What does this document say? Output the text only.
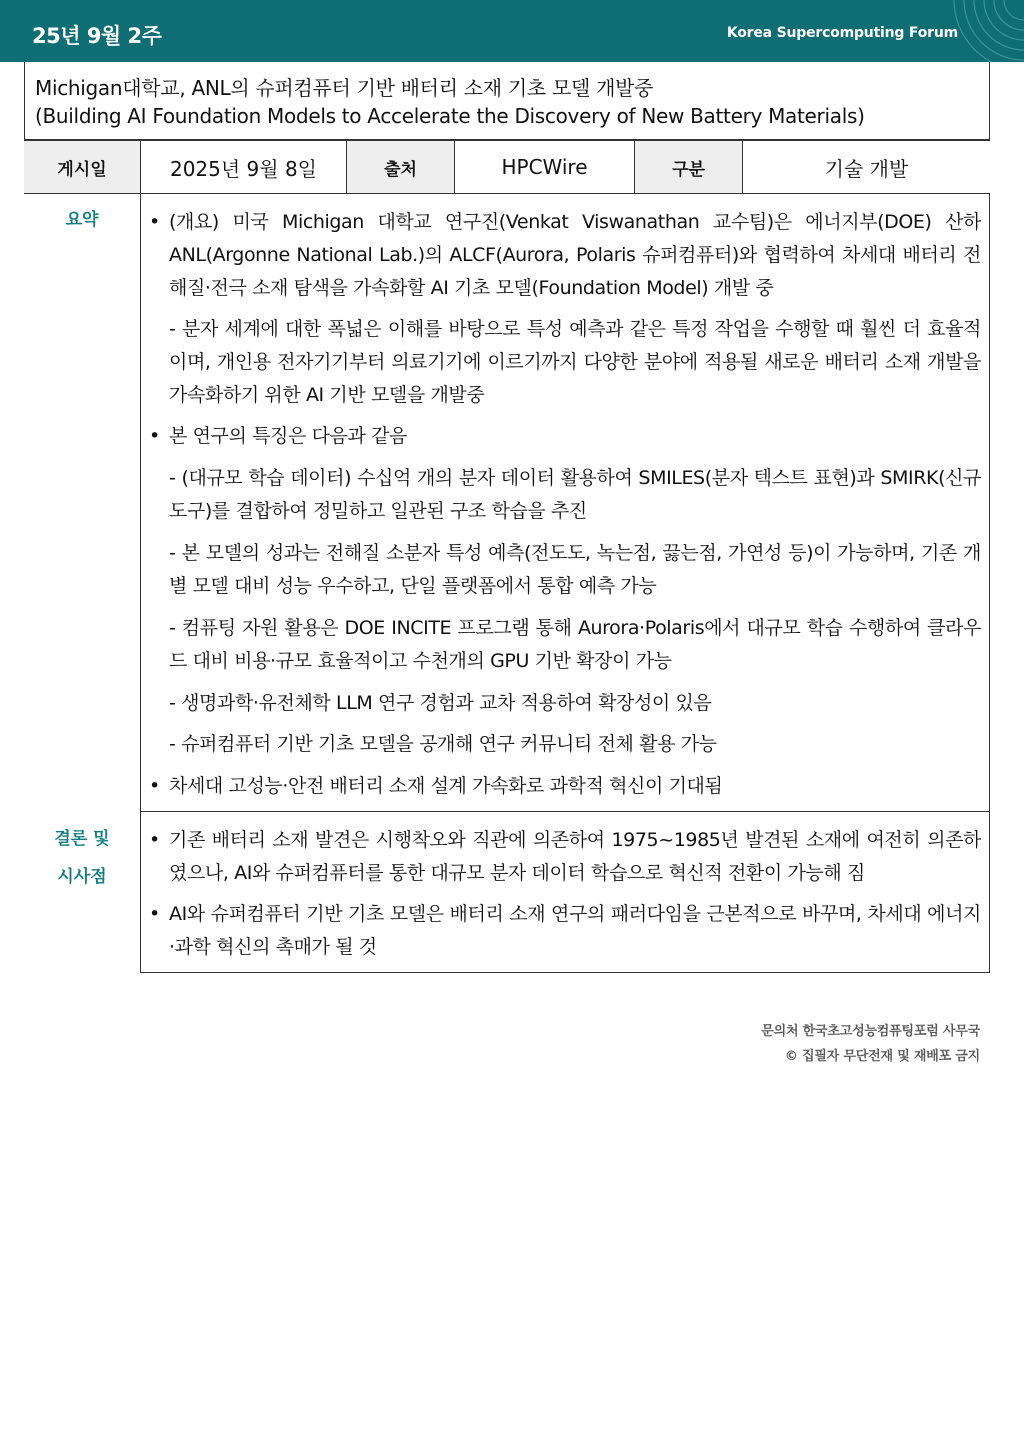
25년 9월 2주	Korea Supercomputing Forum
Michigan대학교, ANL의 슈퍼컴퓨터 기반 배터리 소재 기초 모델 개발중
(Building AI Foundation Models to Accelerate the Discovery of New Battery Materials)
게시일	2025년 9월 8일	출처	HPCWire	구분	기술 개발
요약	• (개요) 미국 Michigan 대학교 연구진(Venkat Viswanathan 교수팀)은 에너지부(DOE) 산하 ANL(Argonne National Lab.)의 ALCF(Aurora, Polaris 슈퍼컴퓨터)와 협력하여 차세대 배터리 전해질·전극 소재 탐색을 가속화할 AI 기초 모델(Foundation Model) 개발 중
- 분자 세계에 대한 폭넓은 이해를 바탕으로 특성 예측과 같은 특정 작업을 수행할 때 훨씬 더 효율적이며, 개인용 전자기기부터 의료기기에 이르기까지 다양한 분야에 적용될 새로운 배터리 소재 개발을 가속화하기 위한 AI 기반 모델을 개발중
• 본 연구의 특징은 다음과 같음
- (대규모 학습 데이터) 수십억 개의 분자 데이터 활용하여 SMILES(분자 텍스트 표현)과 SMIRK(신규 도구)를 결합하여 정밀하고 일관된 구조 학습을 추진
- 본 모델의 성과는 전해질 소분자 특성 예측(전도도, 녹는점, 끓는점, 가연성 등)이 가능하며, 기존 개별 모델 대비 성능 우수하고, 단일 플랫폼에서 통합 예측 가능
- 컴퓨팅 자원 활용은 DOE INCITE 프로그램 통해 Aurora·Polaris에서 대규모 학습 수행하여 클라우드 대비 비용·규모 효율적이고 수천개의 GPU 기반 확장이 가능
- 생명과학·유전체학 LLM 연구 경험과 교차 적용하여 확장성이 있음
- 슈퍼컴퓨터 기반 기초 모델을 공개해 연구 커뮤니티 전체 활용 가능
• 차세대 고성능·안전 배터리 소재 설계 가속화로 과학적 혁신이 기대됨
결론 및
시사점
• 기존 배터리 소재 발견은 시행착오와 직관에 의존하여 1975~1985년 발견된 소재에 여전히 의존하였으나, AI와 슈퍼컴퓨터를 통한 대규모 분자 데이터 학습으로 혁신적 전환이 가능해 짐
• AI와 슈퍼컴퓨터 기반 기초 모델은 배터리 소재 연구의 패러다임을 근본적으로 바꾸며, 차세대 에너지·과학 혁신의 촉매가 될 것
문의처 한국초고성능컴퓨팅포럼 사무국
© 집필자 무단전재 및 재배포 금지
